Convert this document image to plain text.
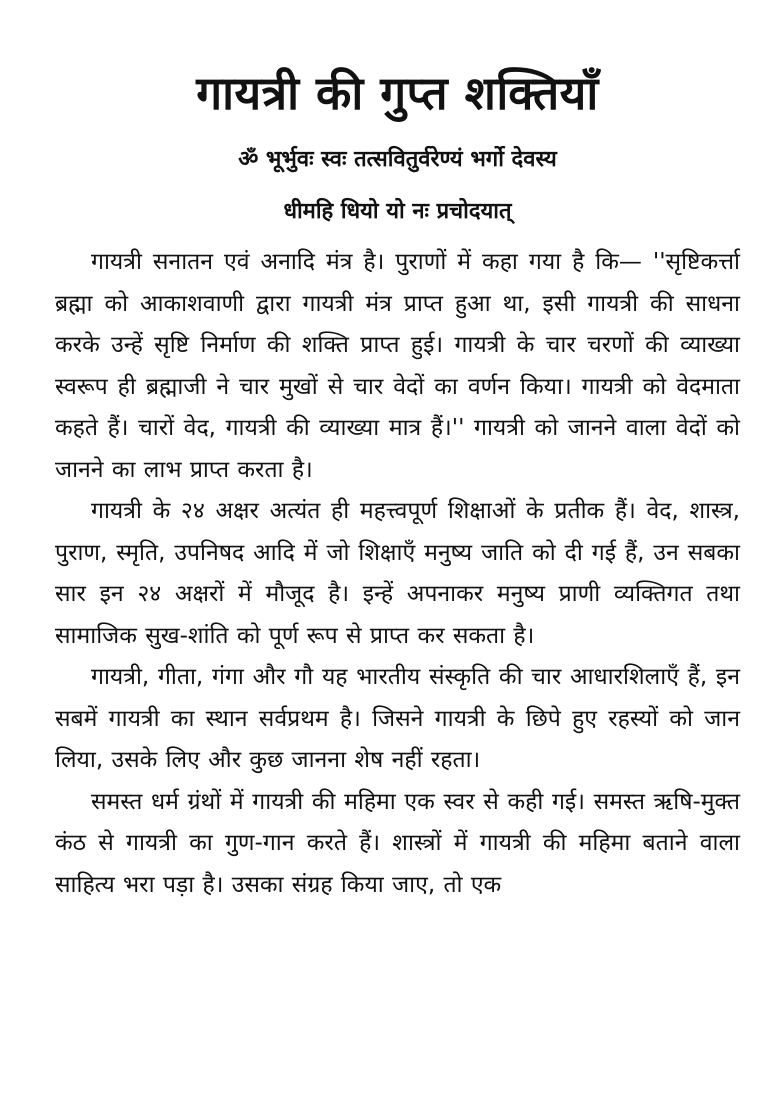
गायत्री की गुप्त शक्तियाँ
ॐ भूर्भुवः स्वः तत्सवितुर्वरेण्यं भर्गो देवस्य
धीमहि धियो यो नः प्रचोदयात्

गायत्री सनातन एवं अनादि मंत्र है। पुराणों में कहा गया है कि— ''सृष्टिकर्त्ता ब्रह्मा को आकाशवाणी द्वारा गायत्री मंत्र प्राप्त हुआ था, इसी गायत्री की साधना करके उन्हें सृष्टि निर्माण की शक्ति प्राप्त हुई। गायत्री के चार चरणों की व्याख्या स्वरूप ही ब्रह्माजी ने चार मुखों से चार वेदों का वर्णन किया। गायत्री को वेदमाता कहते हैं। चारों वेद, गायत्री की व्याख्या मात्र हैं।'' गायत्री को जानने वाला वेदों को जानने का लाभ प्राप्त करता है।

गायत्री के २४ अक्षर अत्यंत ही महत्त्वपूर्ण शिक्षाओं के प्रतीक हैं। वेद, शास्त्र, पुराण, स्मृति, उपनिषद आदि में जो शिक्षाएँ मनुष्य जाति को दी गई हैं, उन सबका सार इन २४ अक्षरों में मौजूद है। इन्हें अपनाकर मनुष्य प्राणी व्यक्तिगत तथा सामाजिक सुख-शांति को पूर्ण रूप से प्राप्त कर सकता है।

गायत्री, गीता, गंगा और गौ यह भारतीय संस्कृति की चार आधारशिलाएँ हैं, इन सबमें गायत्री का स्थान सर्वप्रथम है। जिसने गायत्री के छिपे हुए रहस्यों को जान लिया, उसके लिए और कुछ जानना शेष नहीं रहता।

समस्त धर्म ग्रंथों में गायत्री की महिमा एक स्वर से कही गई। समस्त ऋषि-मुक्त कंठ से गायत्री का गुण-गान करते हैं। शास्त्रों में गायत्री की महिमा बताने वाला साहित्य भरा पड़ा है। उसका संग्रह किया जाए, तो एक
